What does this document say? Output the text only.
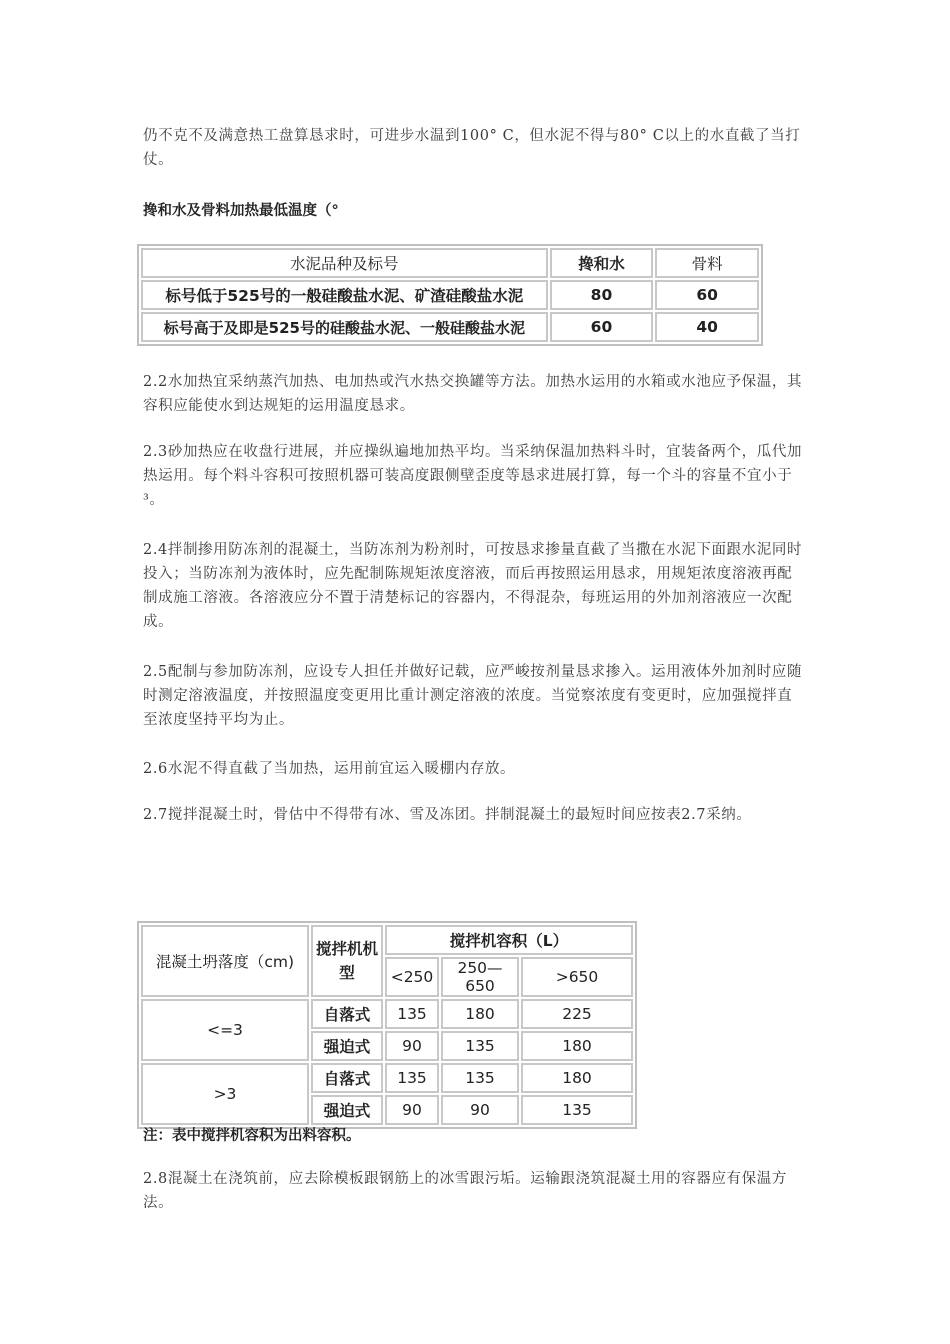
仍不克不及满意热工盘算恳求时，可进步水温到100° C，但水泥不得与80° C以上的水直截了当打仗。

搀和水及骨料加热最低温度（°

水泥品种及标号	搀和水	骨料
标号低于525号的一般硅酸盐水泥、矿渣硅酸盐水泥	80	60
标号高于及即是525号的硅酸盐水泥、一般硅酸盐水泥	60	40

2.2水加热宜采纳蒸汽加热、电加热或汽水热交换罐等方法。加热水运用的水箱或水池应予保温，其容积应能使水到达规矩的运用温度恳求。

2.3砂加热应在收盘行进展，并应操纵遍地加热平均。当采纳保温加热料斗时，宜装备两个，瓜代加热运用。每个料斗容积可按照机器可装高度跟侧壁歪度等恳求进展打算，每一个斗的容量不宜小于³。

2.4拌制掺用防冻剂的混凝土，当防冻剂为粉剂时，可按恳求掺量直截了当撒在水泥下面跟水泥同时投入；当防冻剂为液体时，应先配制陈规矩浓度溶液，而后再按照运用恳求，用规矩浓度溶液再配制成施工溶液。各溶液应分不置于清楚标记的容器内，不得混杂，每班运用的外加剂溶液应一次配成。

2.5配制与参加防冻剂，应设专人担任并做好记载，应严峻按剂量恳求掺入。运用液体外加剂时应随时测定溶液温度，并按照温度变更用比重计测定溶液的浓度。当觉察浓度有变更时，应加强搅拌直至浓度坚持平均为止。

2.6水泥不得直截了当加热，运用前宜运入暖棚内存放。

2.7搅拌混凝土时，骨估中不得带有冰、雪及冻团。拌制混凝土的最短时间应按表2.7采纳。

混凝土坍落度（cm)	搅拌机机型	搅拌机容积（L）		
		<250	250—650	>650
<=3	自落式	135	180	225
	强迫式	90	135	180
>3	自落式	135	135	180
	强迫式	90	90	135

注：表中搅拌机容积为出料容积。

2.8混凝土在浇筑前，应去除模板跟钢筋上的冰雪跟污垢。运输跟浇筑混凝土用的容器应有保温方法。
